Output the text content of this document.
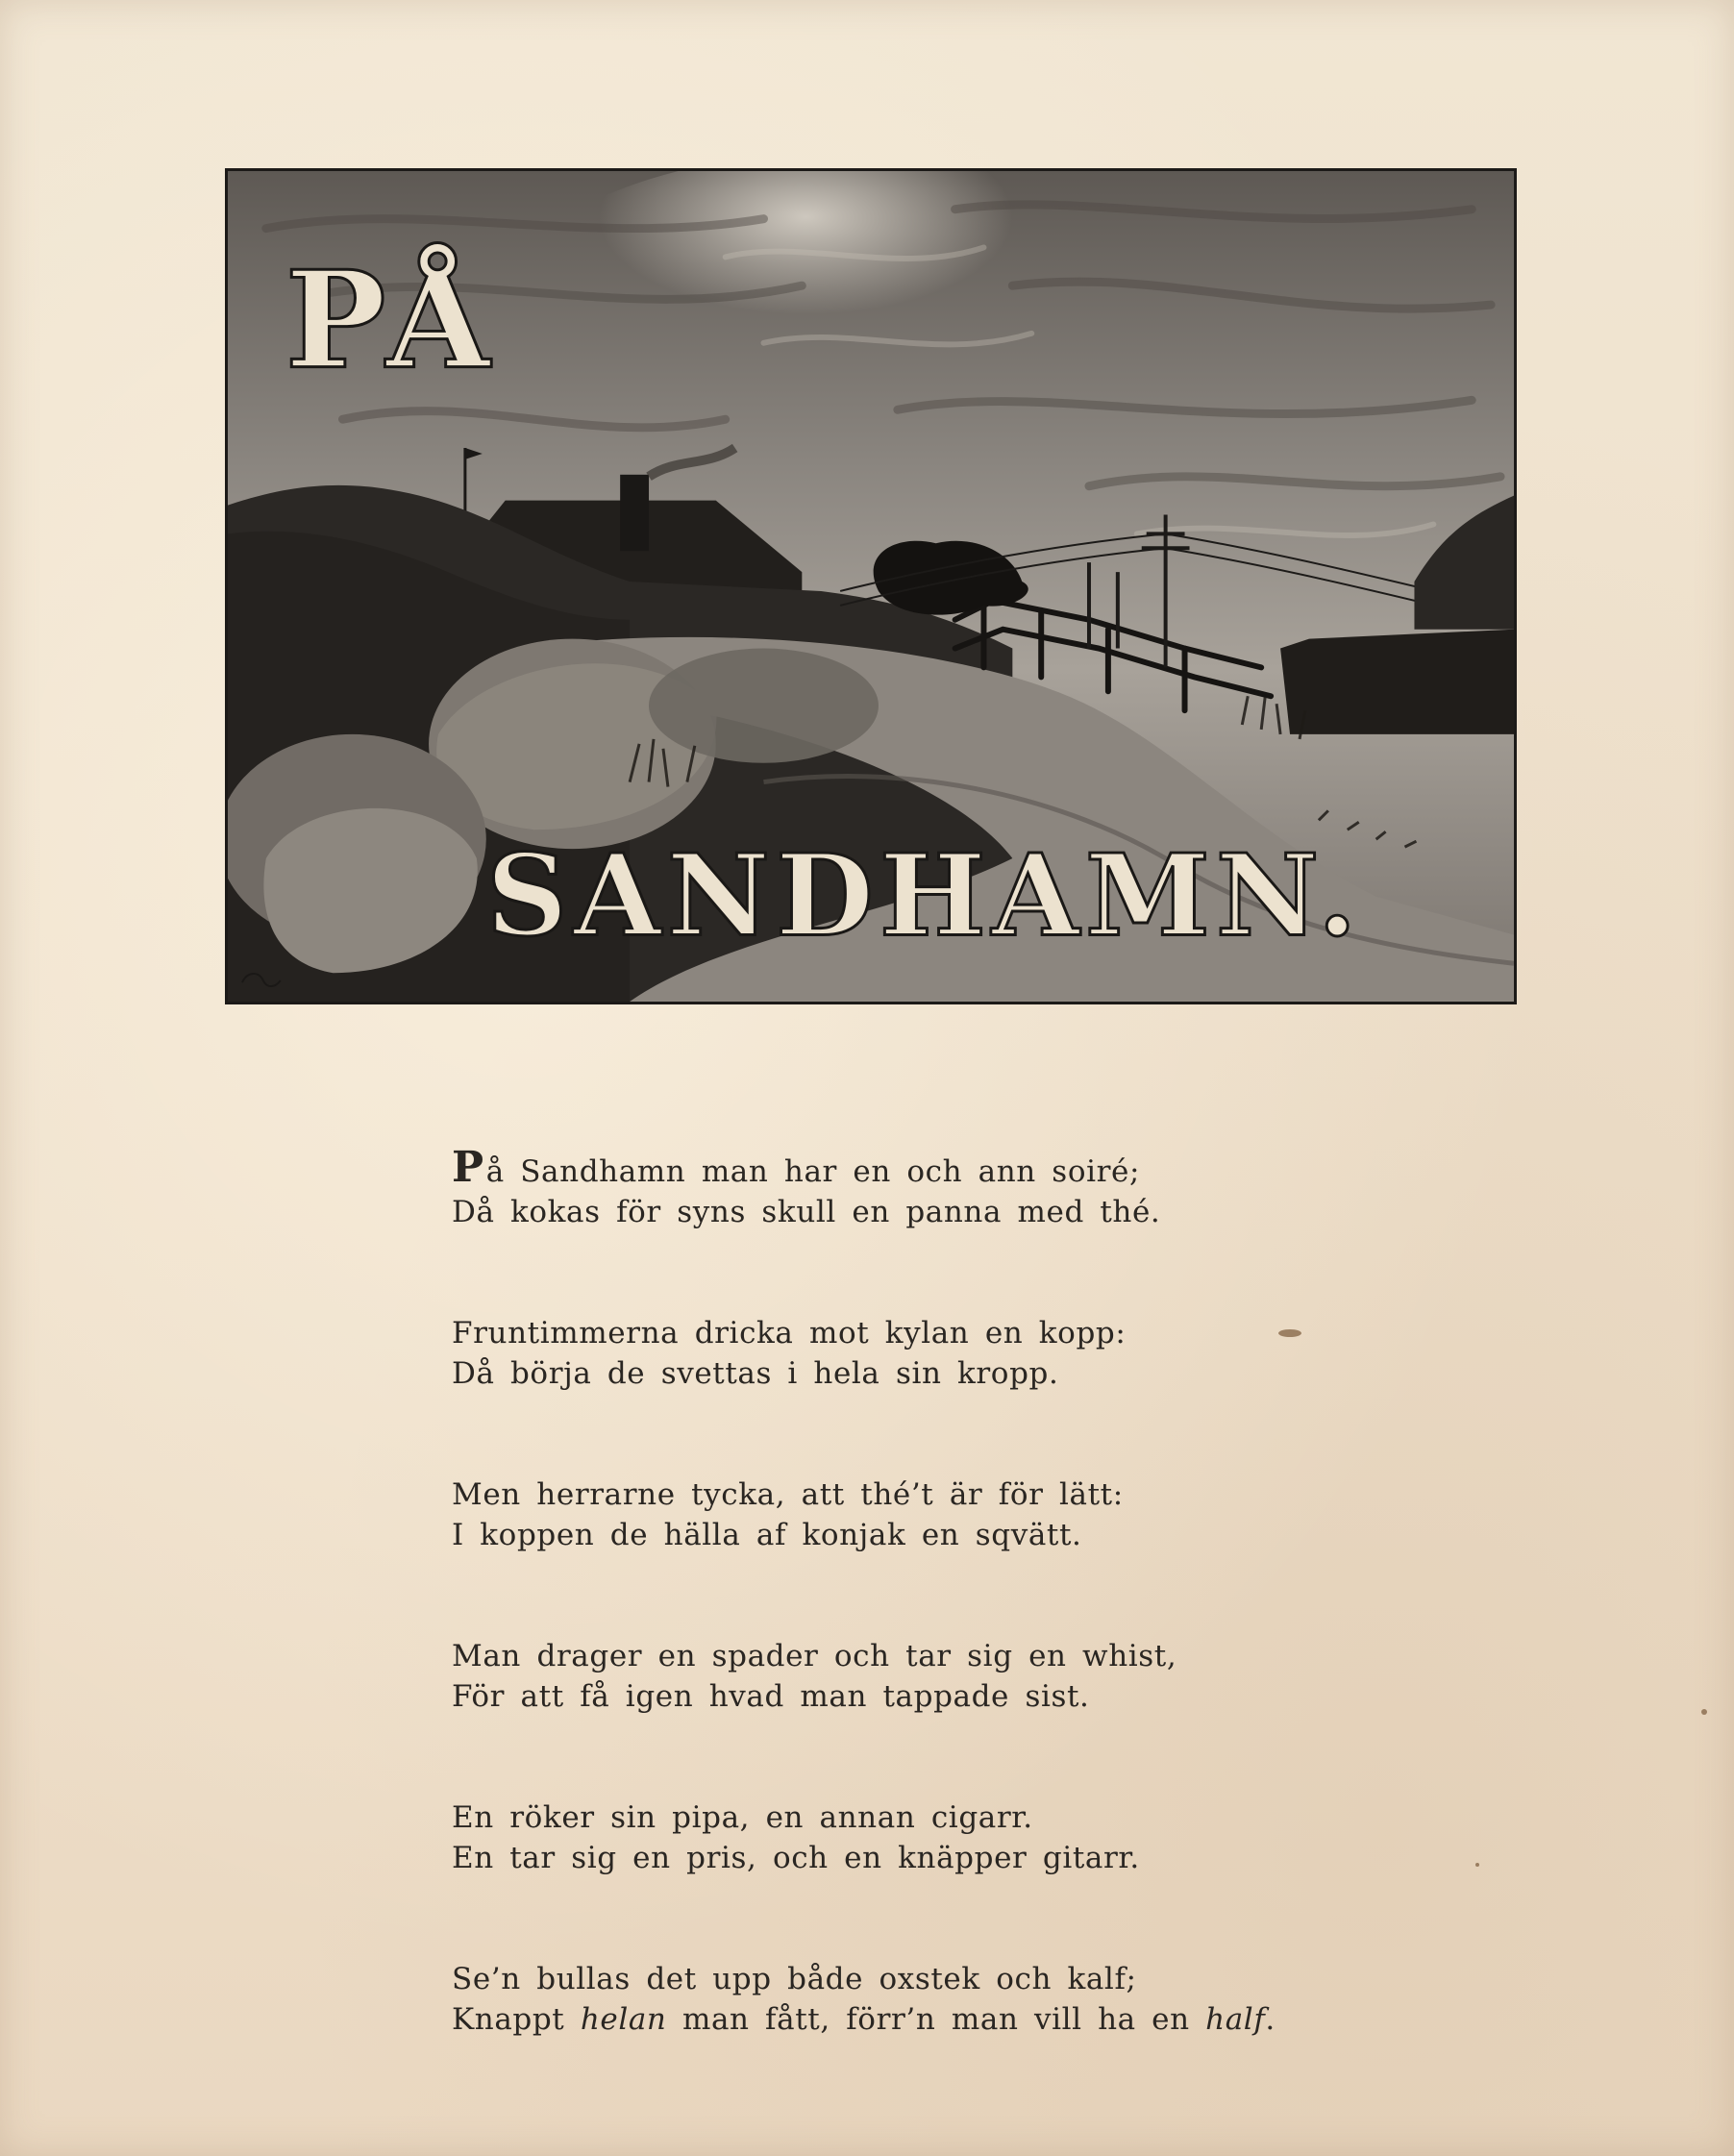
PÅ
SANDHAMN.
På Sandhamn man har en och ann soiré;
Då kokas för syns skull en panna med thé.
Fruntimmerna dricka mot kylan en kopp:
Då börja de svettas i hela sin kropp.
Men herrarne tycka, att thé’t är för lätt:
I koppen de hälla af konjak en sqvätt.
Man drager en spader och tar sig en whist,
För att få igen hvad man tappade sist.
En röker sin pipa, en annan cigarr.
En tar sig en pris, och en knäpper gitarr.
Se’n bullas det upp både oxstek och kalf;
Knappt helan man fått, förr’n man vill ha en half.
